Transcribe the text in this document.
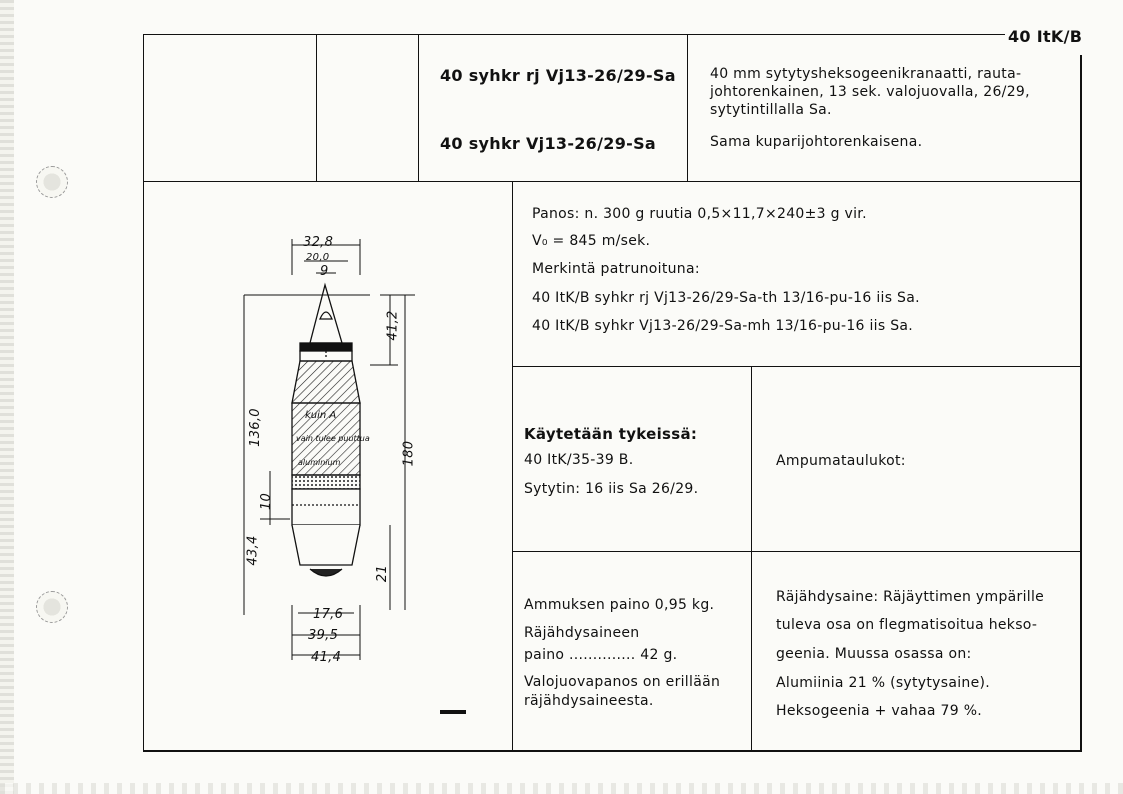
40 ItK/B
40 syhkr rj Vj13-26/29-Sa
40 syhkr Vj13-26/29-Sa
40 mm sytytysheksogeenikranaatti, rauta-
johtorenkainen, 13 sek. valojuovalla, 26/29,
sytytintillalla Sa.
Sama kuparijohtorenkaisena.
Panos: n. 300 g ruutia 0,5×11,7×240±3 g vir.
V₀ = 845 m/sek.
Merkintä patrunoituna:
40 ItK/B syhkr rj Vj13-26/29-Sa-th 13/16-pu-16 iis Sa.
40 ItK/B syhkr Vj13-26/29-Sa-mh 13/16-pu-16 iis Sa.
Käytetään tykeissä:
40 ItK/35-39 B.
Sytytin: 16 iis Sa 26/29.
Ampumataulukot:
Ammuksen paino 0,95 kg.
Räjähdysaineen
paino .............. 42 g.
Valojuovapanos on erillään
räjähdysaineesta.
Räjähdysaine: Räjäyttimen ympärille
tuleva osa on flegmatisoitua hekso-
geenia. Muussa osassa on:
Alumiinia 21 % (sytytysaine).
Heksogeenia + vahaa 79 %.
32,8
20,0
9
41,2
136,0
180
10
43,4
21
17,6
39,5
41,4
kuin A
vain tulee puuttua
aluminium
